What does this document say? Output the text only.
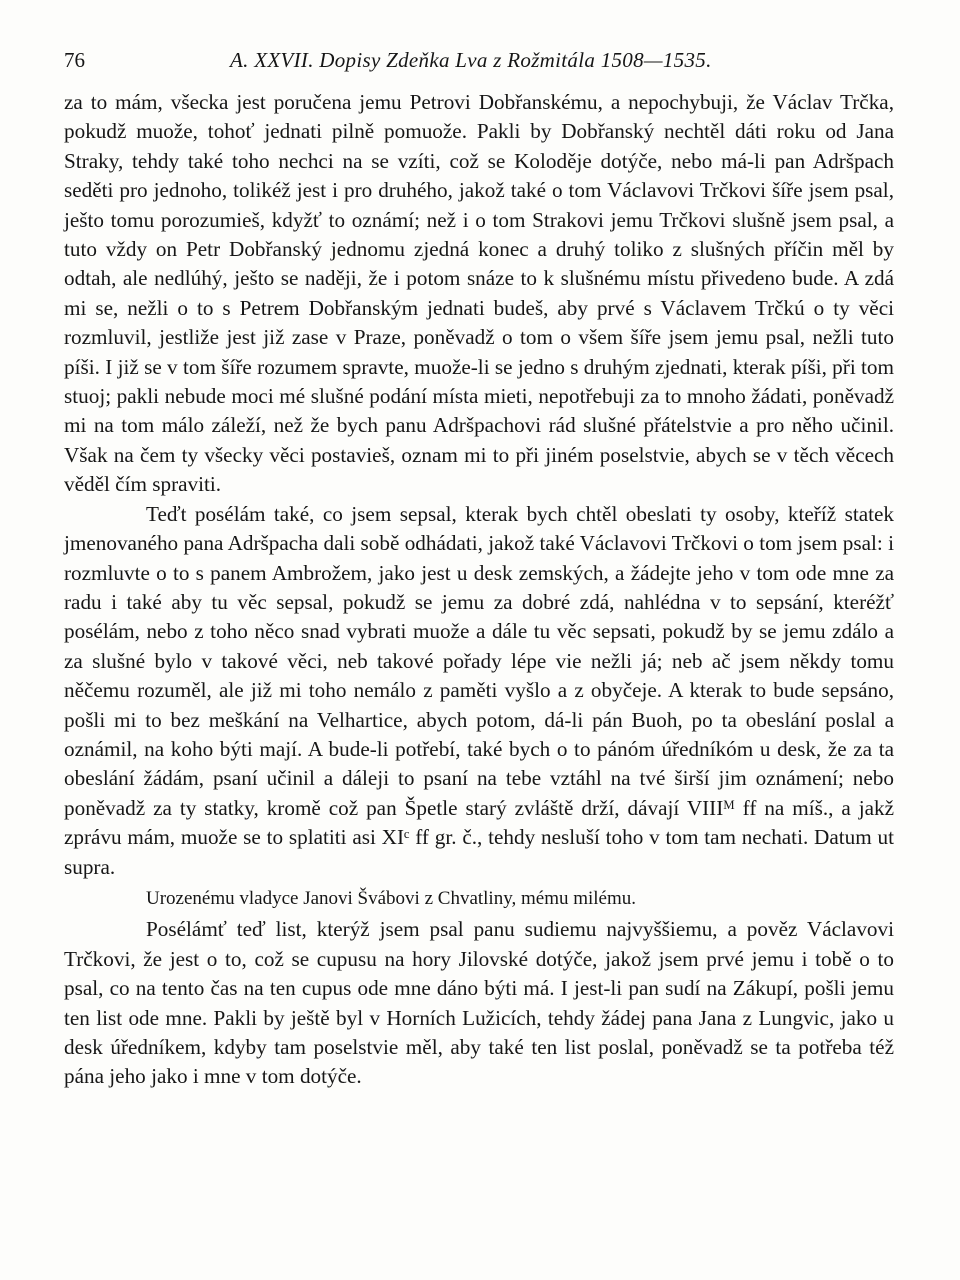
76	A. XXVII. Dopisy Zdeňka Lva z Rožmitála 1508—1535.

za to mám, všecka jest poručena jemu Petrovi Dobřanskému, a nepochybuji, že Václav Trčka, pokudž muože, tohoť jednati pilně pomuože. Pakli by Dobřanský nechtěl dáti roku od Jana Straky, tehdy také toho nechci na se vzíti, což se Koloděje dotýče, nebo má-li pan Adršpach seděti pro jednoho, tolikéž jest i pro druhého, jakož také o tom Václavovi Trčkovi šíře jsem psal, ješto tomu porozumieš, kdyžť to oznámí; než i o tom Strakovi jemu Trčkovi slušně jsem psal, a tuto vždy on Petr Dobřanský jednomu zjedná konec a druhý toliko z slušných příčin měl by odtah, ale nedlúhý, ješto se naději, že i potom snáze to k slušnému místu přivedeno bude. A zdá mi se, nežli o to s Petrem Dobřanským jednati budeš, aby prvé s Václavem Trčkú o ty věci rozmluvil, jestliže jest již zase v Praze, poněvadž o tom o všem šíře jsem jemu psal, nežli tuto píši. I již se v tom šíře rozumem spravte, muože-li se jedno s druhým zjednati, kterak píši, při tom stuoj; pakli nebude moci mé slušné podání místa mieti, nepotřebuji za to mnoho žádati, poněvadž mi na tom málo záleží, než že bych panu Adršpachovi rád slušné přátelstvie a pro něho učinil. Však na čem ty všecky věci postavieš, oznam mi to při jiném poselstvie, abych se v těch věcech věděl čím spraviti.

Teďt posélám také, co jsem sepsal, kterak bych chtěl obeslati ty osoby, kteříž statek jmenovaného pana Adršpacha dali sobě odhádati, jakož také Václavovi Trčkovi o tom jsem psal: i rozmluvte o to s panem Ambrožem, jako jest u desk zemských, a žádejte jeho v tom ode mne za radu i také aby tu věc sepsal, pokudž se jemu za dobré zdá, nahlédna v to sepsání, kteréžť posélám, nebo z toho něco snad vybrati muože a dále tu věc sepsati, pokudž by se jemu zdálo a za slušné bylo v takové věci, neb takové pořady lépe vie nežli já; neb ač jsem někdy tomu něčemu rozuměl, ale již mi toho nemálo z paměti vyšlo a z obyčeje. A kterak to bude sepsáno, pošli mi to bez meškání na Velhartice, abych potom, dá-li pán Buoh, po ta obeslání poslal a oznámil, na koho býti mají. A bude-li potřebí, také bych o to pánóm úředníkóm u desk, že za ta obeslání žádám, psaní učinil a dáleji to psaní na tebe vztáhl na tvé širší jim oznámení; nebo poněvadž za ty statky, kromě což pan Špetle starý zvláště drží, dávají VIIIᴹ ff na míš., a jakž zprávu mám, muože se to splatiti asi XIᶜ ff gr. č., tehdy nesluší toho v tom tam nechati. Datum ut supra.

Urozenému vladyce Janovi Švábovi z Chvatliny, mému milému.

Posélámť teď list, kterýž jsem psal panu sudiemu najvyššiemu, a pověz Václavovi Trčkovi, že jest o to, což se cupusu na hory Jilovské dotýče, jakož jsem prvé jemu i tobě o to psal, co na tento čas na ten cupus ode mne dáno býti má. I jest-li pan sudí na Zákupí, pošli jemu ten list ode mne. Pakli by ještě byl v Horních Lužicích, tehdy žádej pana Jana z Lungvic, jako u desk úředníkem, kdyby tam poselstvie měl, aby také ten list poslal, poněvadž se ta potřeba též pána jeho jako i mne v tom dotýče.
